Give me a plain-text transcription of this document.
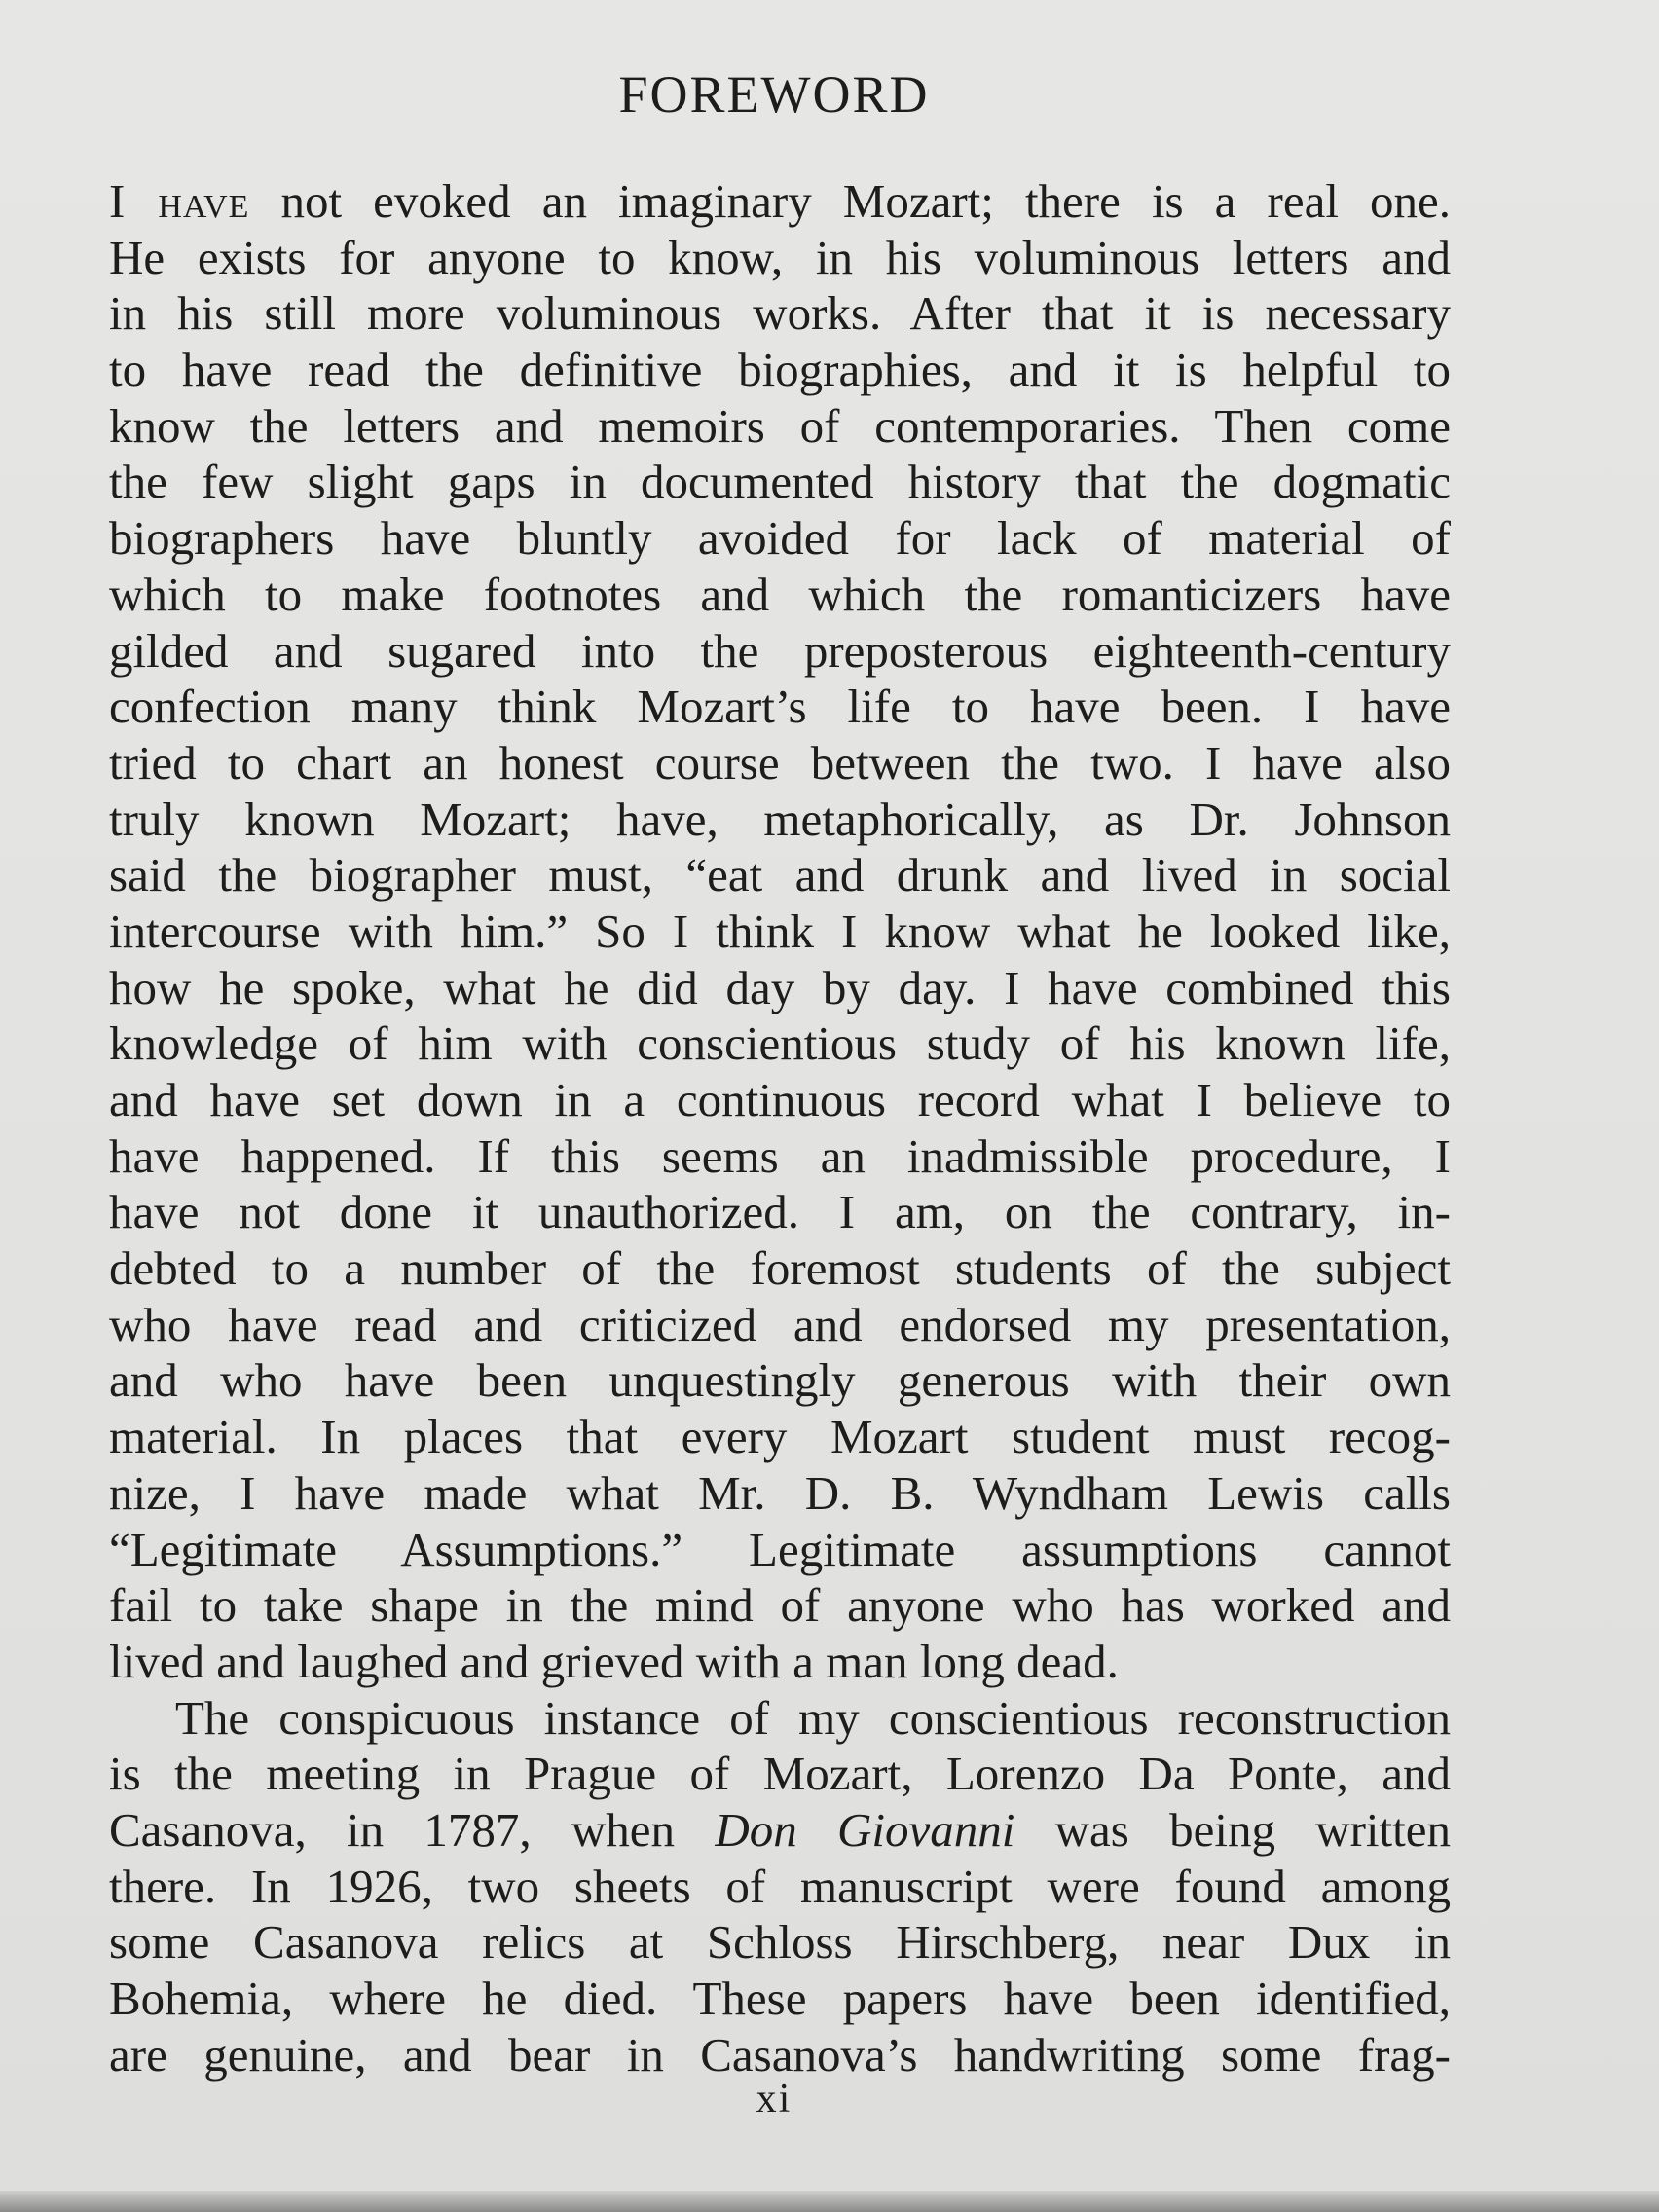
FOREWORD
I have not evoked an imaginary Mozart; there is a real one.
He exists for anyone to know, in his voluminous letters and
in his still more voluminous works. After that it is necessary
to have read the definitive biographies, and it is helpful to
know the letters and memoirs of contemporaries. Then come
the few slight gaps in documented history that the dogmatic
biographers have bluntly avoided for lack of material of
which to make footnotes and which the romanticizers have
gilded and sugared into the preposterous eighteenth-century
confection many think Mozart’s life to have been. I have
tried to chart an honest course between the two. I have also
truly known Mozart; have, metaphorically, as Dr. Johnson
said the biographer must, “eat and drunk and lived in social
intercourse with him.” So I think I know what he looked like,
how he spoke, what he did day by day. I have combined this
knowledge of him with conscientious study of his known life,
and have set down in a continuous record what I believe to
have happened. If this seems an inadmissible procedure, I
have not done it unauthorized. I am, on the contrary, in-
debted to a number of the foremost students of the subject
who have read and criticized and endorsed my presentation,
and who have been unquestingly generous with their own
material. In places that every Mozart student must recog-
nize, I have made what Mr. D. B. Wyndham Lewis calls
“Legitimate Assumptions.” Legitimate assumptions cannot
fail to take shape in the mind of anyone who has worked and
lived and laughed and grieved with a man long dead.
The conspicuous instance of my conscientious reconstruction
is the meeting in Prague of Mozart, Lorenzo Da Ponte, and
Casanova, in 1787, when Don Giovanni was being written
there. In 1926, two sheets of manuscript were found among
some Casanova relics at Schloss Hirschberg, near Dux in
Bohemia, where he died. These papers have been identified,
are genuine, and bear in Casanova’s handwriting some frag-
xi
